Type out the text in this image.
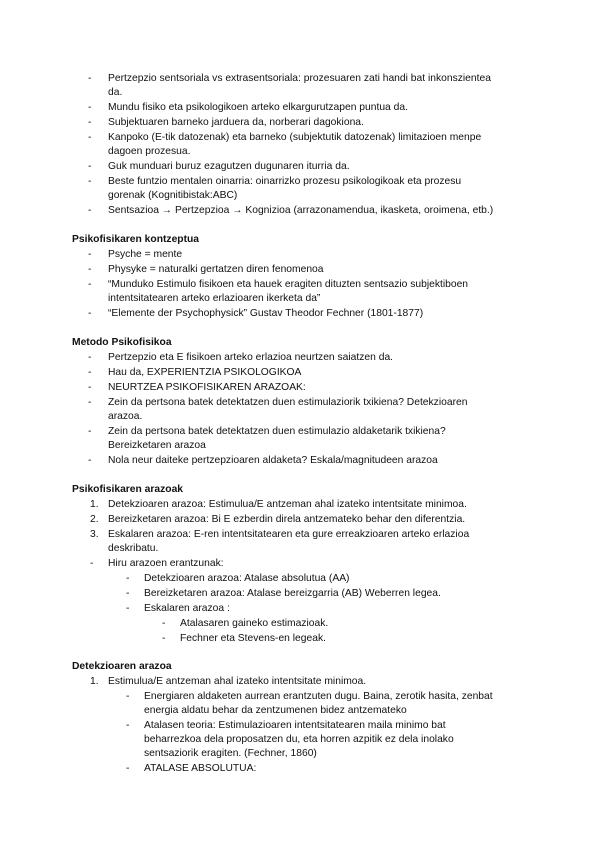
- Pertzepzio sentsoriala vs extrasentsoriala: prozesuaren zati handi bat inkonszientea
da.
- Mundu fisiko eta psikologikoen arteko elkargurutzapen puntua da.
- Subjektuaren barneko jarduera da, norberari dagokiona.
- Kanpoko (E-tik datozenak) eta barneko (subjektutik datozenak) limitazioen menpe
dagoen prozesua.
- Guk munduari buruz ezagutzen dugunaren iturria da.
- Beste funtzio mentalen oinarria: oinarrizko prozesu psikologikoak eta prozesu
gorenak (Kognitibistak:ABC)
- Sentsazioa → Pertzepzioa → Kognizioa (arrazonamendua, ikasketa, oroimena, etb.)
Psikofisikaren kontzeptua
- Psyche = mente
- Physyke = naturalki gertatzen diren fenomenoa
- “Munduko Estimulo fisikoen eta hauek eragiten dituzten sentsazio subjektiboen
intentsitatearen arteko erlazioaren ikerketa da”
- “Elemente der Psychophysick” Gustav Theodor Fechner (1801-1877)
Metodo Psikofisikoa
- Pertzepzio eta E fisikoen arteko erlazioa neurtzen saiatzen da.
- Hau da, EXPERIENTZIA PSIKOLOGIKOA
- NEURTZEA PSIKOFISIKAREN ARAZOAK:
- Zein da pertsona batek detektatzen duen estimulaziorik txikiena? Detekzioaren
arazoa.
- Zein da pertsona batek detektatzen duen estimulazio aldaketarik txikiena?
Bereizketaren arazoa
- Nola neur daiteke pertzepzioaren aldaketa? Eskala/magnitudeen arazoa
Psikofisikaren arazoak
1. Detekzioaren arazoa: Estimulua/E antzeman ahal izateko intentsitate minimoa.
2. Bereizketaren arazoa: Bi E ezberdin direla antzemateko behar den diferentzia.
3. Eskalaren arazoa: E-ren intentsitatearen eta gure erreakzioaren arteko erlazioa
deskribatu.
- Hiru arazoen erantzunak:
- Detekzioaren arazoa: Atalase absolutua (AA)
- Bereizketaren arazoa: Atalase bereizgarria (AB) Weberren legea.
- Eskalaren arazoa :
- Atalasaren gaineko estimazioak.
- Fechner eta Stevens-en legeak.
Detekzioaren arazoa
1. Estimulua/E antzeman ahal izateko intentsitate minimoa.
- Energiaren aldaketen aurrean erantzuten dugu. Baina, zerotik hasita, zenbat
energia aldatu behar da zentzumenen bidez antzemateko
- Atalasen teoria: Estimulazioaren intentsitatearen maila minimo bat
beharrezkoa dela proposatzen du, eta horren azpitik ez dela inolako
sentsaziorik eragiten. (Fechner, 1860)
- ATALASE ABSOLUTUA:
